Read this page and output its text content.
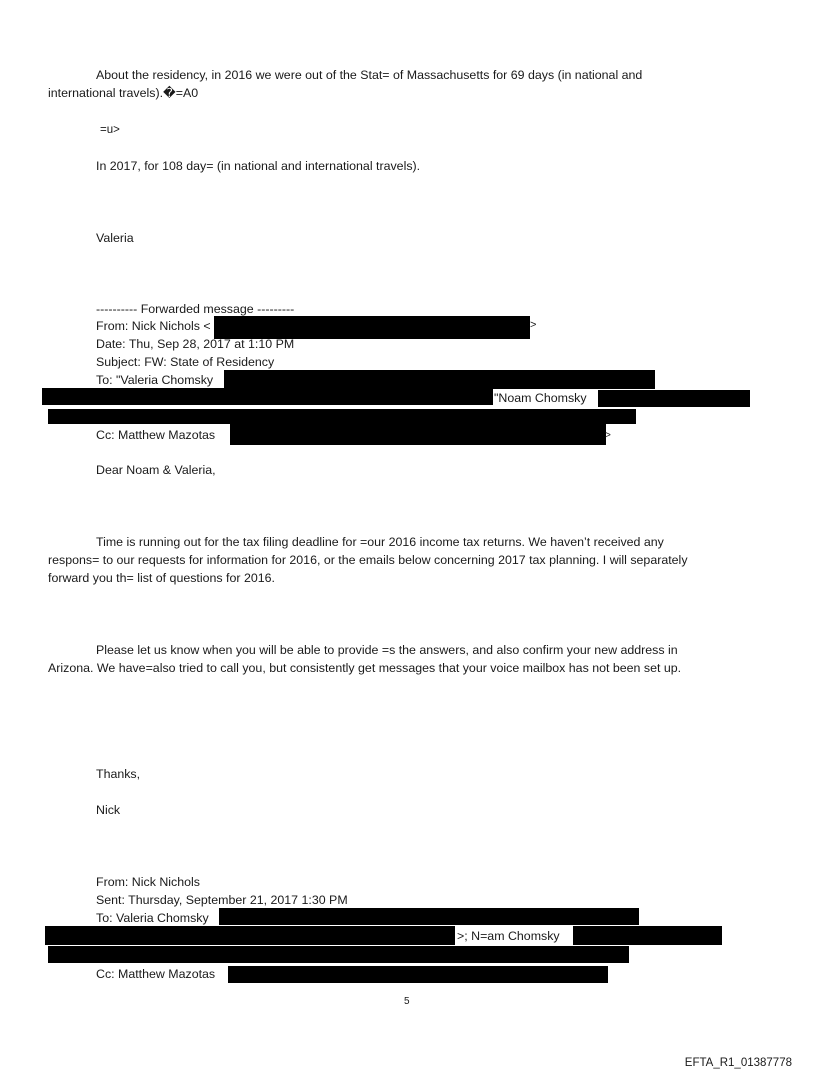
About the residency, in 2016 we were out of the Stat= of Massachusetts for 69 days (in national and
international travels).�=A0
=u>
In 2017, for 108 day= (in national and international travels).
Valeria
---------- Forwarded message ---------
From: Nick Nichols <	>
Date: Thu, Sep 28, 2017 at 1:10 PM
Subject: FW: State of Residency
To: "Valeria Chomsky
"Noam Chomsky
Cc: Matthew Mazotas	>
Dear Noam & Valeria,
Time is running out for the tax filing deadline for =our 2016 income tax returns. We haven’t received any
respons= to our requests for information for 2016, or the emails below concerning 2017 tax planning. I will separately
forward you th= list of questions for 2016.
Please let us know when you will be able to provide =s the answers, and also confirm your new address in
Arizona. We have=also tried to call you, but consistently get messages that your voice mailbox has not been set up.
Thanks,
Nick
From: Nick Nichols
Sent: Thursday, September 21, 2017 1:30 PM
To: Valeria Chomsky
>; N=am Chomsky
Cc: Matthew Mazotas
5
EFTA_R1_01387778
